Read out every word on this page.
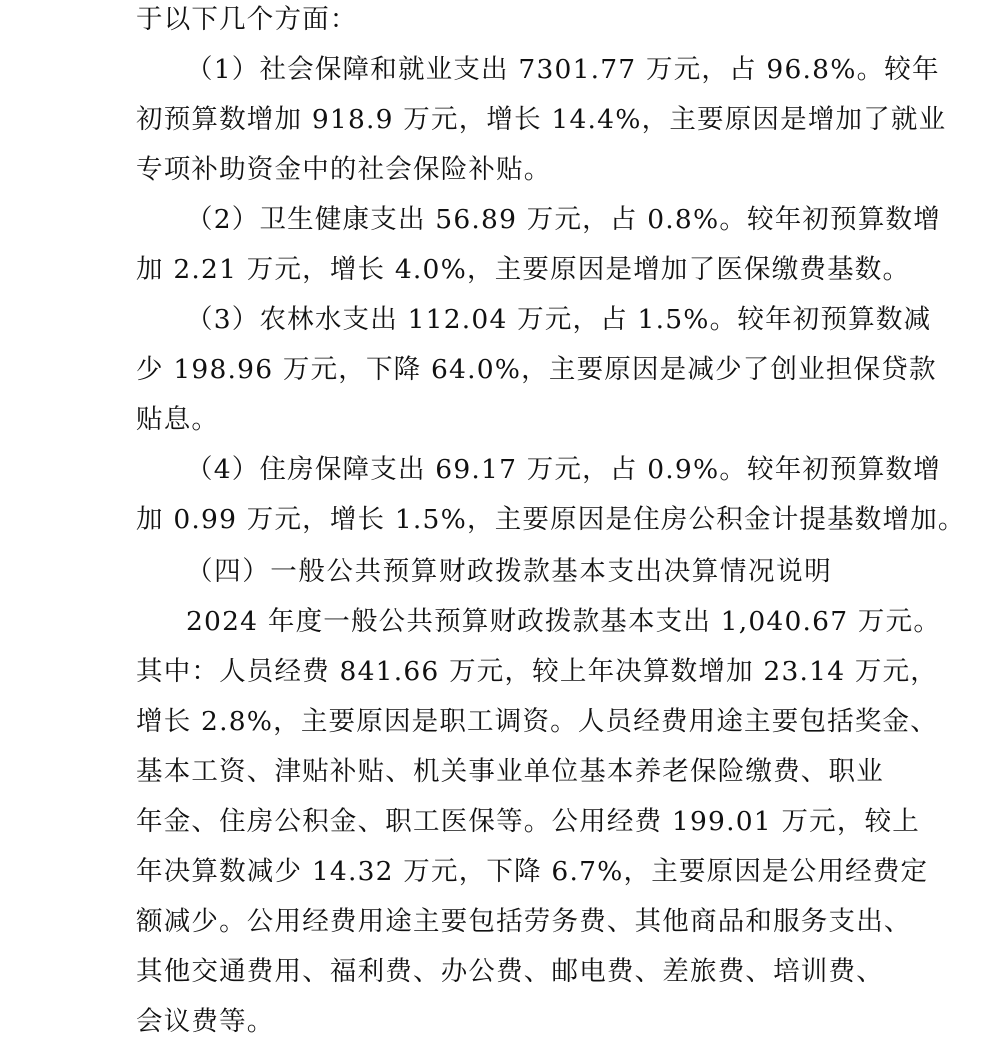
于以下几个方面：
（1）社会保障和就业支出 7301.77 万元，占 96.8%。较年
初预算数增加 918.9 万元，增长 14.4%，主要原因是增加了就业
专项补助资金中的社会保险补贴。
（2）卫生健康支出 56.89 万元，占 0.8%。较年初预算数增
加 2.21 万元，增长 4.0%，主要原因是增加了医保缴费基数。
（3）农林水支出 112.04 万元，占 1.5%。较年初预算数减
少 198.96 万元，下降 64.0%，主要原因是减少了创业担保贷款
贴息。
（4）住房保障支出 69.17 万元，占 0.9%。较年初预算数增
加 0.99 万元，增长 1.5%，主要原因是住房公积金计提基数增加。
（四）一般公共预算财政拨款基本支出决算情况说明
2024 年度一般公共预算财政拨款基本支出 1,040.67 万元。
其中：人员经费 841.66 万元，较上年决算数增加 23.14 万元，
增长 2.8%，主要原因是职工调资。人员经费用途主要包括奖金、
基本工资、津贴补贴、机关事业单位基本养老保险缴费、职业
年金、住房公积金、职工医保等。公用经费 199.01 万元，较上
年决算数减少 14.32 万元，下降 6.7%，主要原因是公用经费定
额减少。公用经费用途主要包括劳务费、其他商品和服务支出、
其他交通费用、福利费、办公费、邮电费、差旅费、培训费、
会议费等。
